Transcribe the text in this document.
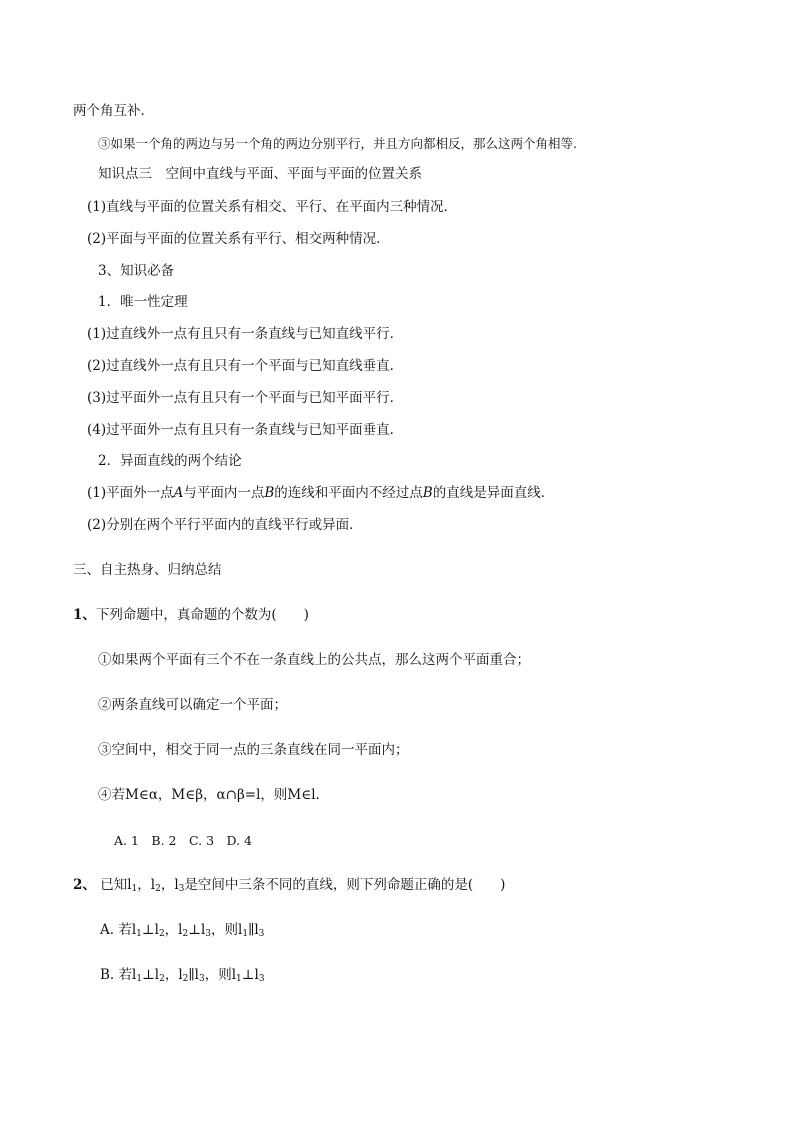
两个角互补．
③如果一个角的两边与另一个角的两边分别平行，并且方向都相反，那么这两个角相等.
知识点三　空间中直线与平面、平面与平面的位置关系
(1)直线与平面的位置关系有相交、平行、在平面内三种情况．
(2)平面与平面的位置关系有平行、相交两种情况．
3、知识必备
1．唯一性定理
(1)过直线外一点有且只有一条直线与已知直线平行．
(2)过直线外一点有且只有一个平面与已知直线垂直．
(3)过平面外一点有且只有一个平面与已知平面平行．
(4)过平面外一点有且只有一条直线与已知平面垂直．
2．异面直线的两个结论
(1)平面外一点A与平面内一点B的连线和平面内不经过点B的直线是异面直线．
(2)分别在两个平行平面内的直线平行或异面．
三、自主热身、归纳总结
1、下列命题中，真命题的个数为(　　)
①如果两个平面有三个不在一条直线上的公共点，那么这两个平面重合；
②两条直线可以确定一个平面；
③空间中，相交于同一点的三条直线在同一平面内；
④若M∈α，M∈β，α∩β=l，则M∈l.
A. 1　B. 2　C. 3　D. 4
2、 已知$l_1$，$l_2$，$l_3$是空间中三条不同的直线，则下列命题正确的是(　　)
A. 若$l_1\perp l_2$，$l_2\perp l_3$，则$l_1\parallel l_3$
B. 若$l_1\perp l_2$，$l_2\parallel l_3$，则$l_1\perp l_3$
